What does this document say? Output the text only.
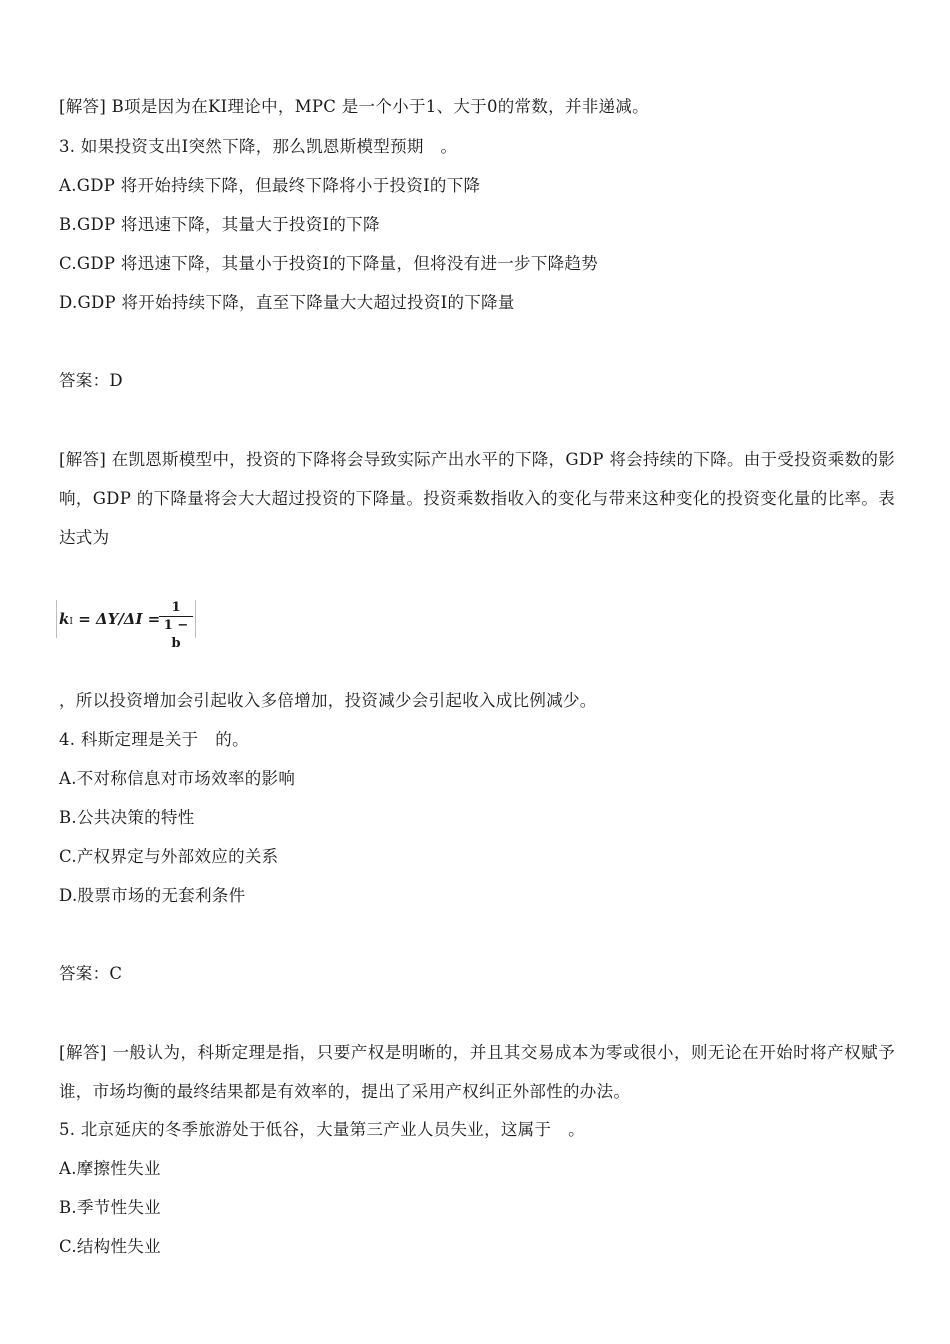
[解答] B项是因为在KI理论中，MPC 是一个小于1、大于0的常数，并非递减。
3. 如果投资支出I突然下降，那么凯恩斯模型预期　。
A.GDP 将开始持续下降，但最终下降将小于投资I的下降
B.GDP 将迅速下降，其量大于投资I的下降
C.GDP 将迅速下降，其量小于投资I的下降量，但将没有进一步下降趋势
D.GDP 将开始持续下降，直至下降量大大超过投资I的下降量
答案：D
[解答] 在凯恩斯模型中，投资的下降将会导致实际产出水平的下降，GDP 将会持续的下降。由于受投资乘数的影响，GDP 的下降量将会大大超过投资的下降量。投资乘数指收入的变化与带来这种变化的投资变化量的比率。表达式为
kI = ΔY/ΔI =
$\frac{1}{1 - b}$
，所以投资增加会引起收入多倍增加，投资减少会引起收入成比例减少。
4. 科斯定理是关于　的。
A.不对称信息对市场效率的影响
B.公共决策的特性
C.产权界定与外部效应的关系
D.股票市场的无套利条件
答案：C
[解答] 一般认为，科斯定理是指，只要产权是明晰的，并且其交易成本为零或很小，则无论在开始时将产权赋予谁，市场均衡的最终结果都是有效率的，提出了采用产权纠正外部性的办法。
5. 北京延庆的冬季旅游处于低谷，大量第三产业人员失业，这属于　。
A.摩擦性失业
B.季节性失业
C.结构性失业
